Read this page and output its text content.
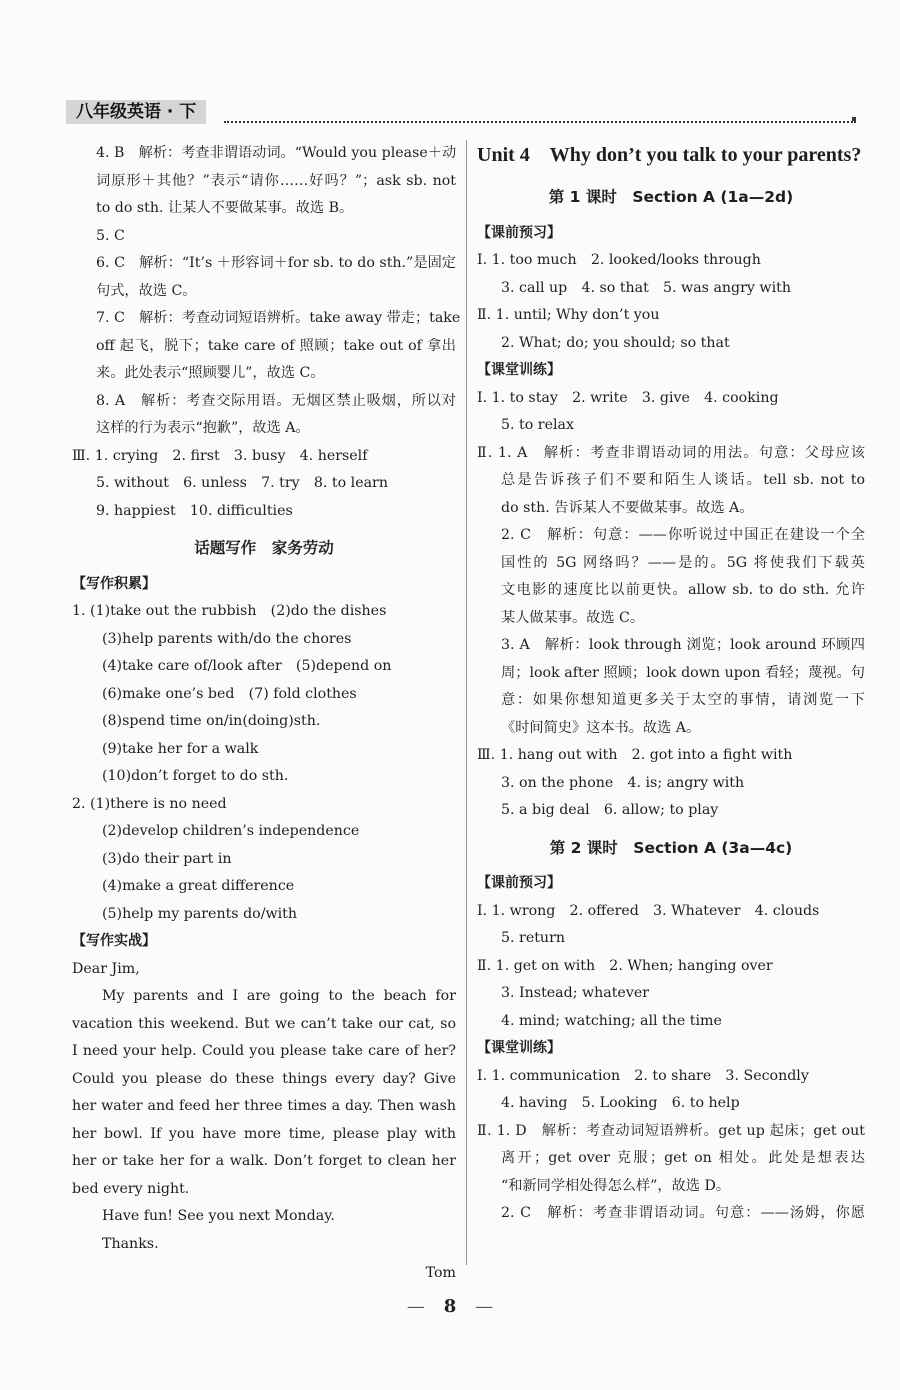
八年级英语 · 下

4. B　解析：考查非谓语动词。“Would you please＋动

词原形＋其他？”表示“请你……好吗？”；ask sb. not

to do sth. 让某人不要做某事。故选 B。

5. C

6. C　解析：“It’s ＋形容词＋for sb. to do sth.”是固定

句式，故选 C。

7. C　解析：考查动词短语辨析。take away 带走；take

off 起飞，脱下；take care of 照顾；take out of 拿出

来。此处表示“照顾婴儿”，故选 C。

8. A　解析：考查交际用语。无烟区禁止吸烟，所以对

这样的行为表示“抱歉”，故选 A。

Ⅲ. 1. crying　2. first　3. busy　4. herself

5. without　6. unless　7. try　8. to learn

9. happiest　10. difficulties

话题写作　家务劳动

【写作积累】

1. (1)take out the rubbish　(2)do the dishes

(3)help parents with/do the chores

(4)take care of/look after　(5)depend on

(6)make one’s bed　(7) fold clothes

(8)spend time on/in(doing)sth.

(9)take her for a walk

(10)don’t forget to do sth.

2. (1)there is no need

(2)develop children’s independence

(3)do their part in

(4)make a great difference

(5)help my parents do/with

【写作实战】

Dear Jim,

My parents and I are going to the beach for vacation this weekend. But we can’t take our cat, so I need your help. Could you please take care of her? Could you please do these things every day? Give her water and feed her three times a day. Then wash her bowl. If you have more time, please play with her or take her for a walk. Don’t forget to clean her bed every night.

Have fun! See you next Monday.

Thanks.

Tom

Unit 4　Why don’t you talk to your parents?

第 1 课时　Section A (1a—2d)

【课前预习】

Ⅰ. 1. too much　2. looked/looks through

3. call up　4. so that　5. was angry with

Ⅱ. 1. until; Why don’t you

2. What; do; you should; so that

【课堂训练】

Ⅰ. 1. to stay　2. write　3. give　4. cooking

5. to relax

Ⅱ. 1. A　解析：考查非谓语动词的用法。句意：父母应该

总是告诉孩子们不要和陌生人谈话。tell sb. not to

do sth. 告诉某人不要做某事。故选 A。

2. C　解析：句意：——你听说过中国正在建设一个全

国性的 5G 网络吗？——是的。5G 将使我们下载英

文电影的速度比以前更快。allow sb. to do sth. 允许

某人做某事。故选 C。

3. A　解析：look through 浏览；look around 环顾四

周；look after 照顾；look down upon 看轻；蔑视。句

意：如果你想知道更多关于太空的事情，请浏览一下

《时间简史》这本书。故选 A。

Ⅲ. 1. hang out with　2. got into a fight with

3. on the phone　4. is; angry with

5. a big deal　6. allow; to play

第 2 课时　Section A (3a—4c)

【课前预习】

Ⅰ. 1. wrong　2. offered　3. Whatever　4. clouds

5. return

Ⅱ. 1. get on with　2. When; hanging over

3. Instead; whatever

4. mind; watching; all the time

【课堂训练】

Ⅰ. 1. communication　2. to share　3. Secondly

4. having　5. Looking　6. to help

Ⅱ. 1. D　解析：考查动词短语辨析。get up 起床；get out

离开；get over 克服；get on 相处。此处是想表达

“和新同学相处得怎么样”，故选 D。

2. C　解析：考查非谓语动词。句意：——汤姆，你愿

— 8 —
